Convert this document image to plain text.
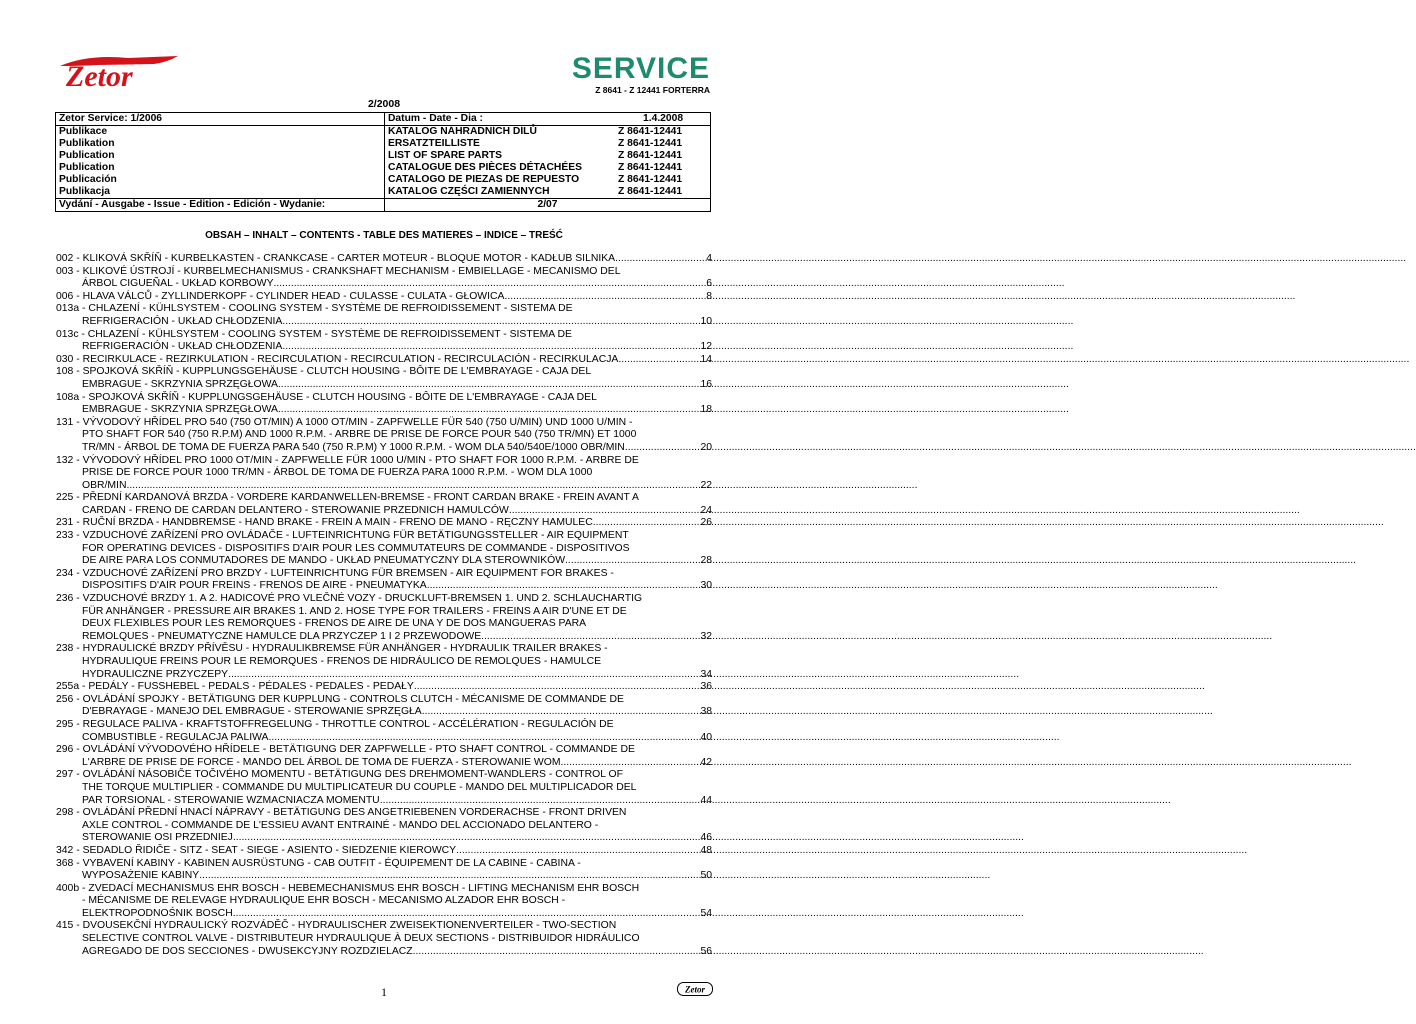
Zetor	SERVICE
Z 8641 - Z 12441 FORTERRA
2/2008
Zetor Service: 1/2006	Datum - Date - Dia :	1.4.2008
Publikace	KATALOG NÁHRADNÍCH DÍLŮ	Z 8641-12441
Publikation	ERSATZTEILLISTE	Z 8641-12441
Publication	LIST OF SPARE PARTS	Z 8641-12441
Publication	CATALOGUE DES PIÈCES DÉTACHÉES	Z 8641-12441
Publicación	CATALOGO DE PIEZAS DE REPUESTO	Z 8641-12441
Publikacja	KATALOG CZĘŚCI ZAMIENNYCH	Z 8641-12441
Vydání - Ausgabe - Issue - Edition - Edición - Wydanie:	2/07	
OBSAH – INHALT – CONTENTS - TABLE DES MATIERES – INDICE – TREŚĆ
002 - KLIKOVÁ SKŘÍŇ - KURBELKASTEN - CRANKCASE - CARTER MOTEUR - BLOQUE MOTOR - KADŁUB SILNIKA .....	4
003 - KLIKOVÉ ÚSTROJÍ - KURBELMECHANISMUS - CRANKSHAFT MECHANISM - EMBIELLAGE - MECANISMO DEL
ÁRBOL CIGUEÑAL - UKŁAD KORBOWY .....	6
006 - HLAVA VÁLCŮ - ZYLLINDERKOPF - CYLINDER HEAD - CULASSE - CULATA - GŁOWICA .....	8
013a - CHLAZENÍ - KÜHLSYSTEM - COOLING SYSTEM - SYSTÈME DE REFROIDISSEMENT - SISTEMA DE
REFRIGERACIÓN - UKŁAD CHŁODZENIA .....	10
013c - CHLAZENÍ - KÜHLSYSTEM - COOLING SYSTEM - SYSTÈME DE REFROIDISSEMENT - SISTEMA DE
REFRIGERACIÓN - UKŁAD CHŁODZENIA .....	12
030 - RECIRKULACE - REZIRKULATION - RECIRCULATION - RECIRCULATION - RECIRCULACIÓN - RECIRKULACJA .....	14
108 - SPOJKOVÁ SKŘÍŇ - KUPPLUNGSGEHÄUSE - CLUTCH HOUSING - BÔITE DE L'EMBRAYAGE - CAJA DEL
EMBRAGUE - SKRZYNIA SPRZĘGŁOWA .....	16
108a - SPOJKOVÁ SKŘÍŇ - KUPPLUNGSGEHÄUSE - CLUTCH HOUSING - BÔITE DE L'EMBRAYAGE - CAJA DEL
EMBRAGUE - SKRZYNIA SPRZĘGŁOWA .....	18
131 - VÝVODOVÝ HŘÍDEL PRO 540 (750 OT/MIN) A 1000 OT/MIN - ZAPFWELLE FÜR 540 (750 U/MIN) UND 1000 U/MIN -
PTO SHAFT FOR 540 (750 R.P.M) AND 1000 R.P.M. - ARBRE DE PRISE DE FORCE POUR 540 (750 TR/MN) ET 1000
TR/MN - ÁRBOL DE TOMA DE FUERZA PARA 540 (750 R.P.M) Y 1000 R.P.M. - WOM DLA 540/540E/1000 OBR/MIN .....	20
132 - VÝVODOVÝ HŘÍDEL PRO 1000 OT/MIN - ZAPFWELLE FÜR 1000 U/MIN - PTO SHAFT FOR 1000 R.P.M. - ARBRE DE
PRISE DE FORCE POUR 1000 TR/MN - ÁRBOL DE TOMA DE FUERZA PARA 1000 R.P.M. - WOM DLA 1000
OBR/MIN .....	22
225 - PŘEDNÍ KARDANOVÁ BRZDA - VORDERE KARDANWELLEN-BREMSE - FRONT CARDAN BRAKE - FREIN AVANT A
CARDAN - FRENO DE CARDAN DELANTERO - STEROWANIE PRZEDNICH HAMULCÓW .....	24
231 - RUČNÍ BRZDA - HANDBREMSE - HAND BRAKE - FREIN A MAIN - FRENO DE MANO - RĘCZNY HAMULEC .....	26
233 - VZDUCHOVÉ ZAŘÍZENÍ PRO OVLÁDAČE - LUFTEINRICHTUNG FÜR BETÄTIGUNGSSTELLER - AIR EQUIPMENT
FOR OPERATING DEVICES - DISPOSITIFS D'AIR POUR LES COMMUTATEURS DE COMMANDE - DISPOSITIVOS
DE AIRE PARA LOS CONMUTADORES DE MANDO - UKŁAD PNEUMATYCZNY DLA STEROWNIKÓW .....	28
234 - VZDUCHOVÉ ZAŘÍZENÍ PRO BRZDY - LUFTEINRICHTUNG FÜR BREMSEN - AIR EQUIPMENT FOR BRAKES -
DISPOSITIFS D'AIR POUR FREINS - FRENOS DE AIRE - PNEUMATYKA .....	30
236 - VZDUCHOVÉ BRZDY 1. A 2. HADICOVÉ PRO VLEČNÉ VOZY - DRUCKLUFT-BREMSEN 1. UND 2. SCHLAUCHARTIG
FÜR ANHÄNGER - PRESSURE AIR BRAKES 1. AND 2. HOSE TYPE FOR TRAILERS - FREINS A AIR D'UNE ET DE
DEUX FLEXIBLES POUR LES REMORQUES - FRENOS DE AIRE DE UNA Y DE DOS MANGUERAS PARA
REMOLQUES - PNEUMATYCZNE HAMULCE DLA PRZYCZEP 1 I 2 PRZEWODOWE .....	32
238 - HYDRAULICKÉ BRZDY PŘÍVĚSU - HYDRAULIKBREMSE FÜR ANHÄNGER - HYDRAULIK TRAILER BRAKES -
HYDRAULIQUE FREINS POUR LE REMORQUES - FRENOS DE HIDRÁULICO DE REMOLQUES - HAMULCE
HYDRAULICZNE PRZYCZEPY .....	34
255a - PEDÁLY - FUSSHEBEL - PEDALS - PÉDALES - PEDALES - PEDAŁY .....	36
256 - OVLÁDÁNÍ SPOJKY - BETÄTIGUNG DER KUPPLUNG - CONTROLS CLUTCH - MÉCANISME DE COMMANDE DE
D'EBRAYAGE - MANEJO DEL EMBRAGUE - STEROWANIE SPRZĘGŁA .....	38
295 - REGULACE PALIVA - KRAFTSTOFFREGELUNG - THROTTLE CONTROL - ACCÉLÉRATION - REGULACIÓN DE
COMBUSTIBLE - REGULACJA PALIWA .....	40
296 - OVLÁDÁNÍ VÝVODOVÉHO HŘÍDELE - BETÄTIGUNG DER ZAPFWELLE - PTO SHAFT CONTROL - COMMANDE DE
L'ARBRE DE PRISE DE FORCE - MANDO DEL ÁRBOL DE TOMA DE FUERZA - STEROWANIE WOM .....	42
297 - OVLÁDÁNÍ NÁSOBIČE TOČIVÉHO MOMENTU - BETÄTIGUNG DES DREHMOMENT-WANDLERS - CONTROL OF
THE TORQUE MULTIPLIER - COMMANDE DU MULTIPLICATEUR DU COUPLE - MANDO DEL MULTIPLICADOR DEL
PAR TORSIONAL - STEROWANIE WZMACNIACZA MOMENTU .....	44
298 - OVLÁDÁNÍ PŘEDNÍ HNACÍ NÁPRAVY - BETÄTIGUNG DES ANGETRIEBENEN VORDERACHSE - FRONT DRIVEN
AXLE CONTROL - COMMANDE DE L'ESSIEU AVANT ENTRAINÉ - MANDO DEL ACCIONADO DELANTERO -
STEROWANIE OSI PRZEDNIEJ .....	46
342 - SEDADLO ŘIDIČE - SITZ - SEAT - SIEGE - ASIENTO - SIEDZENIE KIEROWCY .....	48
368 - VYBAVENÍ KABINY - KABINEN AUSRÜSTUNG - CAB OUTFIT - ÉQUIPEMENT DE LA CABINE - CABINA -
WYPOSAŻENIE KABINY .....	50
400b - ZVEDACÍ MECHANISMUS EHR BOSCH - HEBEMECHANISMUS EHR BOSCH - LIFTING MECHANISM EHR BOSCH
- MÉCANISME DE RELEVAGE HYDRAULIQUE EHR BOSCH - MECANISMO ALZADOR EHR BOSCH -
ELEKTROPODNOŚNIK BOSCH .....	54
415 - DVOUSEKČNÍ HYDRAULICKÝ ROZVÁDĚČ - HYDRAULISCHER ZWEISEKTIONENVERTEILER - TWO-SECTION
SELECTIVE CONTROL VALVE - DISTRIBUTEUR HYDRAULIQUE À DEUX SECTIONS - DISTRIBUIDOR HIDRÁULICO
AGREGADO DE DOS SECCIONES - DWUSEKCYJNY ROZDZIELACZ .....	56
1	Zetor
